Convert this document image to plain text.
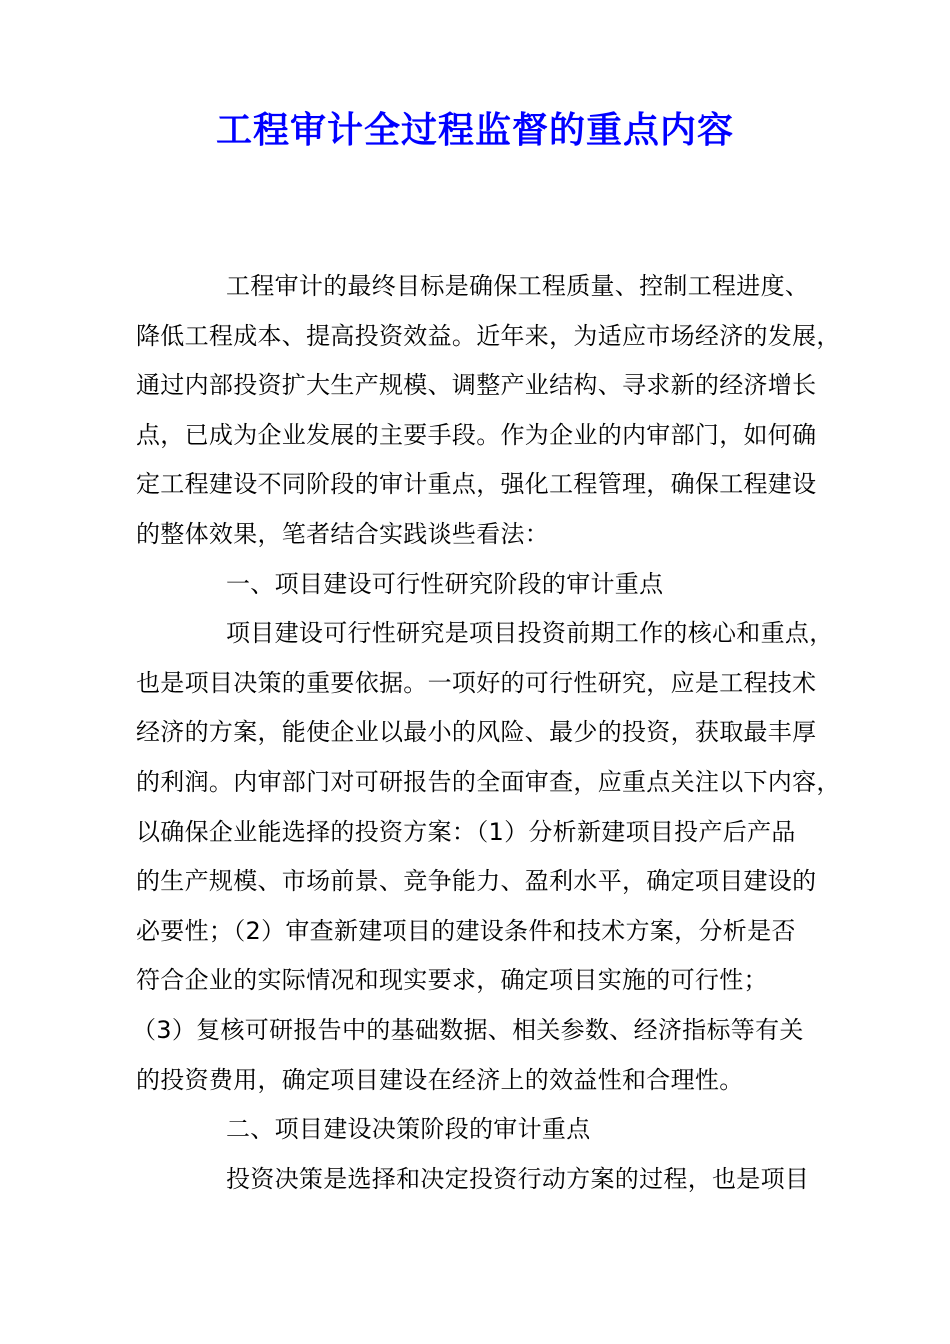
工程审计全过程监督的重点内容
工程审计的最终目标是确保工程质量、控制工程进度、
降低工程成本、提高投资效益。近年来，为适应市场经济的发展，
通过内部投资扩大生产规模、调整产业结构、寻求新的经济增长
点，已成为企业发展的主要手段。作为企业的内审部门，如何确
定工程建设不同阶段的审计重点，强化工程管理，确保工程建设
的整体效果，笔者结合实践谈些看法：
一、项目建设可行性研究阶段的审计重点
项目建设可行性研究是项目投资前期工作的核心和重点，
也是项目决策的重要依据。一项好的可行性研究，应是工程技术
经济的方案，能使企业以最小的风险、最少的投资，获取最丰厚
的利润。内审部门对可研报告的全面审查，应重点关注以下内容，
以确保企业能选择的投资方案：（1）分析新建项目投产后产品
的生产规模、市场前景、竞争能力、盈利水平，确定项目建设的
必要性；（2）审查新建项目的建设条件和技术方案，分析是否
符合企业的实际情况和现实要求，确定项目实施的可行性；
（3）复核可研报告中的基础数据、相关参数、经济指标等有关
的投资费用，确定项目建设在经济上的效益性和合理性。
二、项目建设决策阶段的审计重点
投资决策是选择和决定投资行动方案的过程，也是项目
